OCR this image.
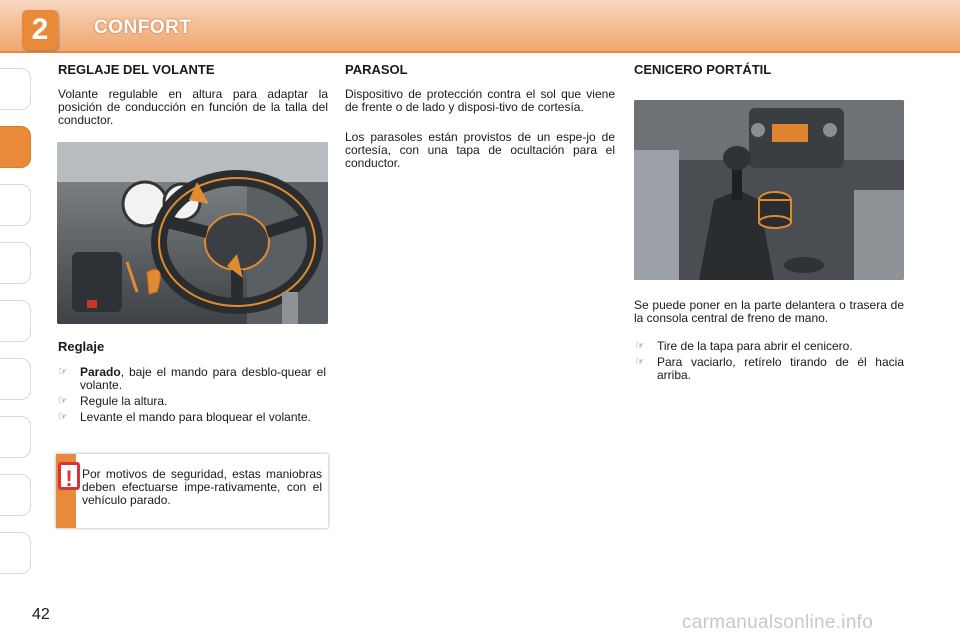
2	CONFORT
REGLAJE DEL VOLANTE
Volante regulable en altura para adaptar la posición de conducción en función de la talla del conductor.
Reglaje
☞ Parado, baje el mando para desblo-quear el volante.
☞ Regule la altura.
☞ Levante el mando para bloquear el volante.
! Por motivos de seguridad, estas maniobras deben efectuarse impe-rativamente, con el vehículo parado.
PARASOL
Dispositivo de protección contra el sol que viene de frente o de lado y disposi-tivo de cortesía.
Los parasoles están provistos de un espe-jo de cortesía, con una tapa de ocultación para el conductor.
CENICERO PORTÁTIL
Se puede poner en la parte delantera o trasera de la consola central de freno de mano.
☞ Tire de la tapa para abrir el cenicero.
☞ Para vaciarlo, retírelo tirando de él hacia arriba.
42	carmanualsonline.info
